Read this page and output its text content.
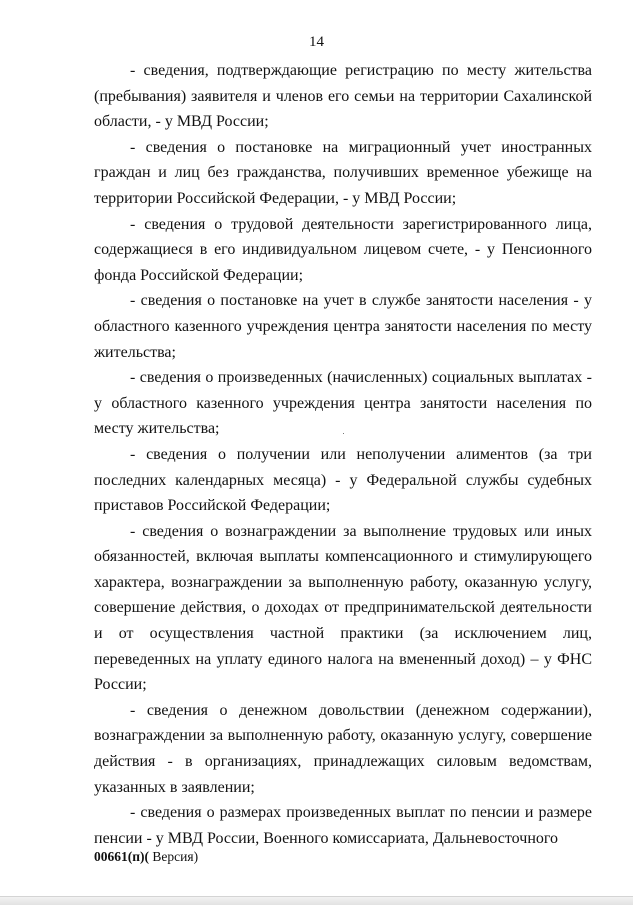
14

- сведения, подтверждающие регистрацию по месту жительства (пребывания) заявителя и членов его семьи на территории Сахалинской области, - у МВД России;

- сведения о постановке на миграционный учет иностранных граждан и лиц без гражданства, получивших временное убежище на территории Российской Федерации, - у МВД России;

- сведения о трудовой деятельности зарегистрированного лица, содержащиеся в его индивидуальном лицевом счете, - у Пенсионного фонда Российской Федерации;

- сведения о постановке на учет в службе занятости населения - у областного казенного учреждения центра занятости населения по месту жительства;

- сведения о произведенных (начисленных) социальных выплатах - у областного казенного учреждения центра занятости населения по месту жительства;

- сведения о получении или неполучении алиментов (за три последних календарных месяца) - у Федеральной службы судебных приставов Российской Федерации;

- сведения о вознаграждении за выполнение трудовых или иных обязанностей, включая выплаты компенсационного и стимулирующего характера, вознаграждении за выполненную работу, оказанную услугу, совершение действия, о доходах от предпринимательской деятельности и от осуществления частной практики (за исключением лиц, переведенных на уплату единого налога на вмененный доход) – у ФНС России;

- сведения о денежном довольствии (денежном содержании), вознаграждении за выполненную работу, оказанную услугу, совершение действия - в организациях, принадлежащих силовым ведомствам, указанных в заявлении;

- сведения о размерах произведенных выплат по пенсии и размере пенсии - у МВД России, Военного комиссариата, Дальневосточного

00661(п)( Версия)
